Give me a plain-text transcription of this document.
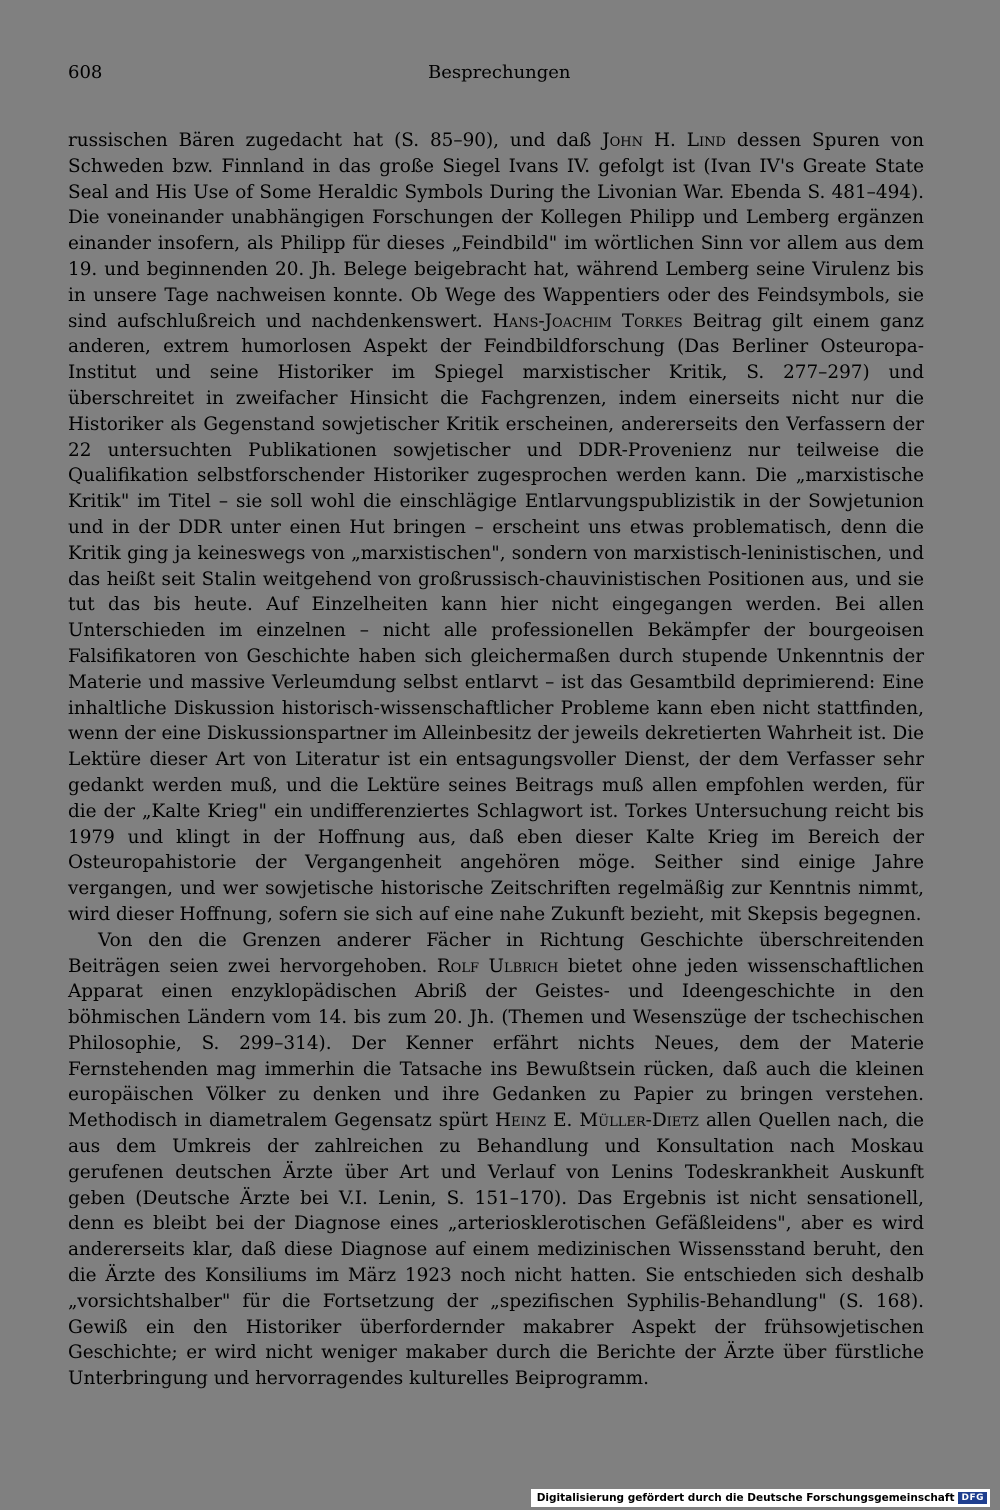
608	Besprechungen

russischen Bären zugedacht hat (S. 85–90), und daß John H. Lind dessen Spuren von Schweden bzw. Finnland in das große Siegel Ivans IV. gefolgt ist (Ivan IV's Greate State Seal and His Use of Some Heraldic Symbols During the Livonian War. Ebenda S. 481–494). Die voneinander unabhängigen Forschungen der Kollegen Philipp und Lemberg ergänzen einander insofern, als Philipp für dieses „Feindbild" im wörtlichen Sinn vor allem aus dem 19. und beginnenden 20. Jh. Belege beigebracht hat, während Lemberg seine Virulenz bis in unsere Tage nachweisen konnte. Ob Wege des Wappentiers oder des Feindsymbols, sie sind aufschlußreich und nachdenkenswert. Hans-Joachim Torkes Beitrag gilt einem ganz anderen, extrem humorlosen Aspekt der Feindbildforschung (Das Berliner Osteuropa-Institut und seine Historiker im Spiegel marxistischer Kritik, S. 277–297) und überschreitet in zweifacher Hinsicht die Fachgrenzen, indem einerseits nicht nur die Historiker als Gegenstand sowjetischer Kritik erscheinen, andererseits den Verfassern der 22 untersuchten Publikationen sowjetischer und DDR-Provenienz nur teilweise die Qualifikation selbstforschender Historiker zugesprochen werden kann. Die „marxistische Kritik" im Titel – sie soll wohl die einschlägige Entlarvungspublizistik in der Sowjetunion und in der DDR unter einen Hut bringen – erscheint uns etwas problematisch, denn die Kritik ging ja keineswegs von „marxistischen", sondern von marxistisch-leninistischen, und das heißt seit Stalin weitgehend von großrussisch-chauvinistischen Positionen aus, und sie tut das bis heute. Auf Einzelheiten kann hier nicht eingegangen werden. Bei allen Unterschieden im einzelnen – nicht alle professionellen Bekämpfer der bourgeoisen Falsifikatoren von Geschichte haben sich gleichermaßen durch stupende Unkenntnis der Materie und massive Verleumdung selbst entlarvt – ist das Gesamtbild deprimierend: Eine inhaltliche Diskussion historisch-wissenschaftlicher Probleme kann eben nicht stattfinden, wenn der eine Diskussionspartner im Alleinbesitz der jeweils dekretierten Wahrheit ist. Die Lektüre dieser Art von Literatur ist ein entsagungsvoller Dienst, der dem Verfasser sehr gedankt werden muß, und die Lektüre seines Beitrags muß allen empfohlen werden, für die der „Kalte Krieg" ein undifferenziertes Schlagwort ist. Torkes Untersuchung reicht bis 1979 und klingt in der Hoffnung aus, daß eben dieser Kalte Krieg im Bereich der Osteuropahistorie der Vergangenheit angehören möge. Seither sind einige Jahre vergangen, und wer sowjetische historische Zeitschriften regelmäßig zur Kenntnis nimmt, wird dieser Hoffnung, sofern sie sich auf eine nahe Zukunft bezieht, mit Skepsis begegnen.

Von den die Grenzen anderer Fächer in Richtung Geschichte überschreitenden Beiträgen seien zwei hervorgehoben. Rolf Ulbrich bietet ohne jeden wissenschaftlichen Apparat einen enzyklopädischen Abriß der Geistes- und Ideengeschichte in den böhmischen Ländern vom 14. bis zum 20. Jh. (Themen und Wesenszüge der tschechischen Philosophie, S. 299–314). Der Kenner erfährt nichts Neues, dem der Materie Fernstehenden mag immerhin die Tatsache ins Bewußtsein rücken, daß auch die kleinen europäischen Völker zu denken und ihre Gedanken zu Papier zu bringen verstehen. Methodisch in diametralem Gegensatz spürt Heinz E. Müller-Dietz allen Quellen nach, die aus dem Umkreis der zahlreichen zu Behandlung und Konsultation nach Moskau gerufenen deutschen Ärzte über Art und Verlauf von Lenins Todeskrankheit Auskunft geben (Deutsche Ärzte bei V.I. Lenin, S. 151–170). Das Ergebnis ist nicht sensationell, denn es bleibt bei der Diagnose eines „arteriosklerotischen Gefäßleidens", aber es wird andererseits klar, daß diese Diagnose auf einem medizinischen Wissensstand beruht, den die Ärzte des Konsiliums im März 1923 noch nicht hatten. Sie entschieden sich deshalb „vorsichtshalber" für die Fortsetzung der „spezifischen Syphilis-Behandlung" (S. 168). Gewiß ein den Historiker überfordernder makabrer Aspekt der frühsowjetischen Geschichte; er wird nicht weniger makaber durch die Berichte der Ärzte über fürstliche Unterbringung und hervorragendes kulturelles Beiprogramm.

Digitalisierung gefördert durch die Deutsche Forschungsgemeinschaft DFG
